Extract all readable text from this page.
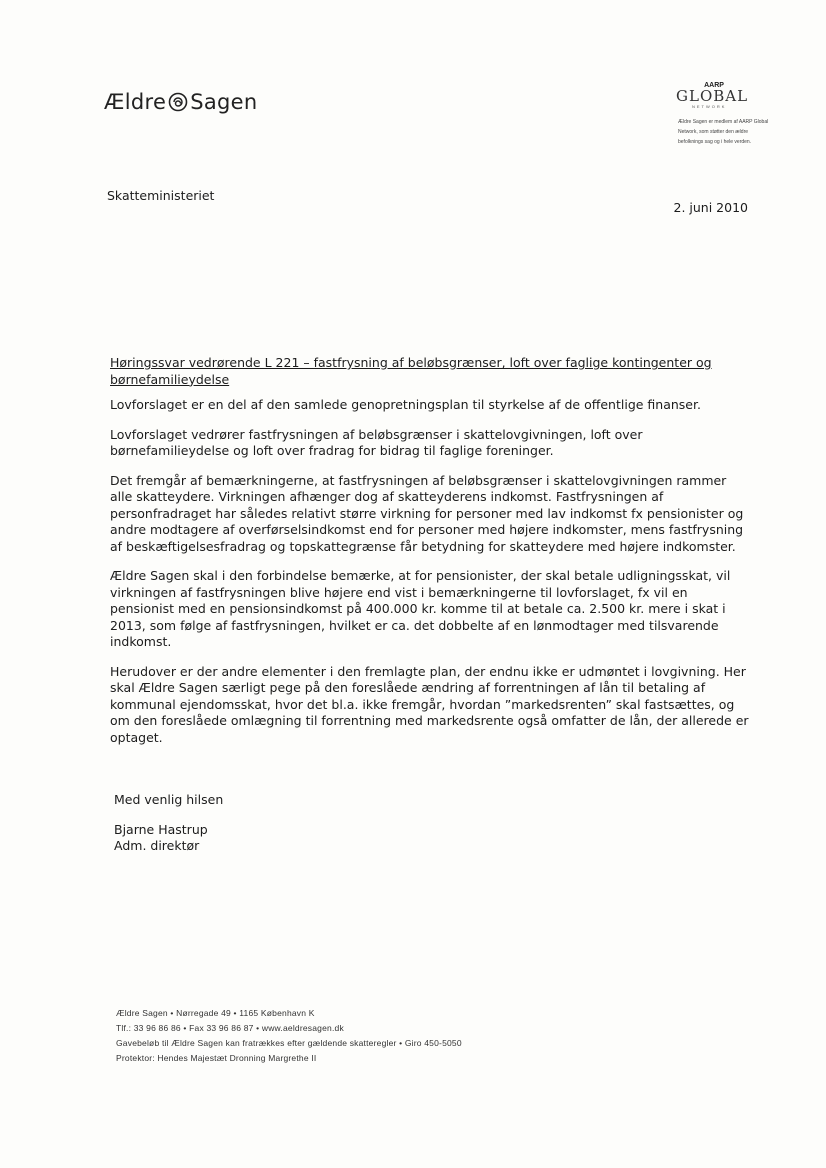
Ældre Sagen
AARP
GLOBAL
NETWORK
Ældre Sagen er medlem af AARP Global Network, som støtter den ældre befolknings sag og i hele verden.
Skatteministeriet
2. juni 2010

Høringssvar vedrørende L 221 – fastfrysning af beløbsgrænser, loft over faglige kontingenter og børnefamilieydelse

Lovforslaget er en del af den samlede genopretningsplan til styrkelse af de offentlige finanser.

Lovforslaget vedrører fastfrysningen af beløbsgrænser i skattelovgivningen, loft over børnefamilieydelse og loft over fradrag for bidrag til faglige foreninger.

Det fremgår af bemærkningerne, at fastfrysningen af beløbsgrænser i skattelovgivningen rammer alle skatteydere. Virkningen afhænger dog af skatteyderens indkomst. Fastfrysningen af personfradraget har således relativt større virkning for personer med lav indkomst fx pensionister og andre modtagere af overførselsindkomst end for personer med højere indkomster, mens fastfrysning af beskæftigelsesfradrag og topskattegrænse får betydning for skatteydere med højere indkomster.

Ældre Sagen skal i den forbindelse bemærke, at for pensionister, der skal betale udligningsskat, vil virkningen af fastfrysningen blive højere end vist i bemærkningerne til lovforslaget, fx vil en pensionist med en pensionsindkomst på 400.000 kr. komme til at betale ca. 2.500 kr. mere i skat i 2013, som følge af fastfrysningen, hvilket er ca. det dobbelte af en lønmodtager med tilsvarende indkomst.

Herudover er der andre elementer i den fremlagte plan, der endnu ikke er udmøntet i lovgivning. Her skal Ældre Sagen særligt pege på den foreslåede ændring af forrentningen af lån til betaling af kommunal ejendomsskat, hvor det bl.a. ikke fremgår, hvordan ”markedsrenten” skal fastsættes, og om den foreslåede omlægning til forrentning med markedsrente også omfatter de lån, der allerede er optaget.

Med venlig hilsen
Bjarne Hastrup
Adm. direktør
Ældre Sagen • Nørregade 49 • 1165 København K
Tlf.: 33 96 86 86 • Fax 33 96 86 87 • www.aeldresagen.dk
Gavebeløb til Ældre Sagen kan fratrækkes efter gældende skatteregler • Giro 450-5050
Protektor: Hendes Majestæt Dronning Margrethe II
